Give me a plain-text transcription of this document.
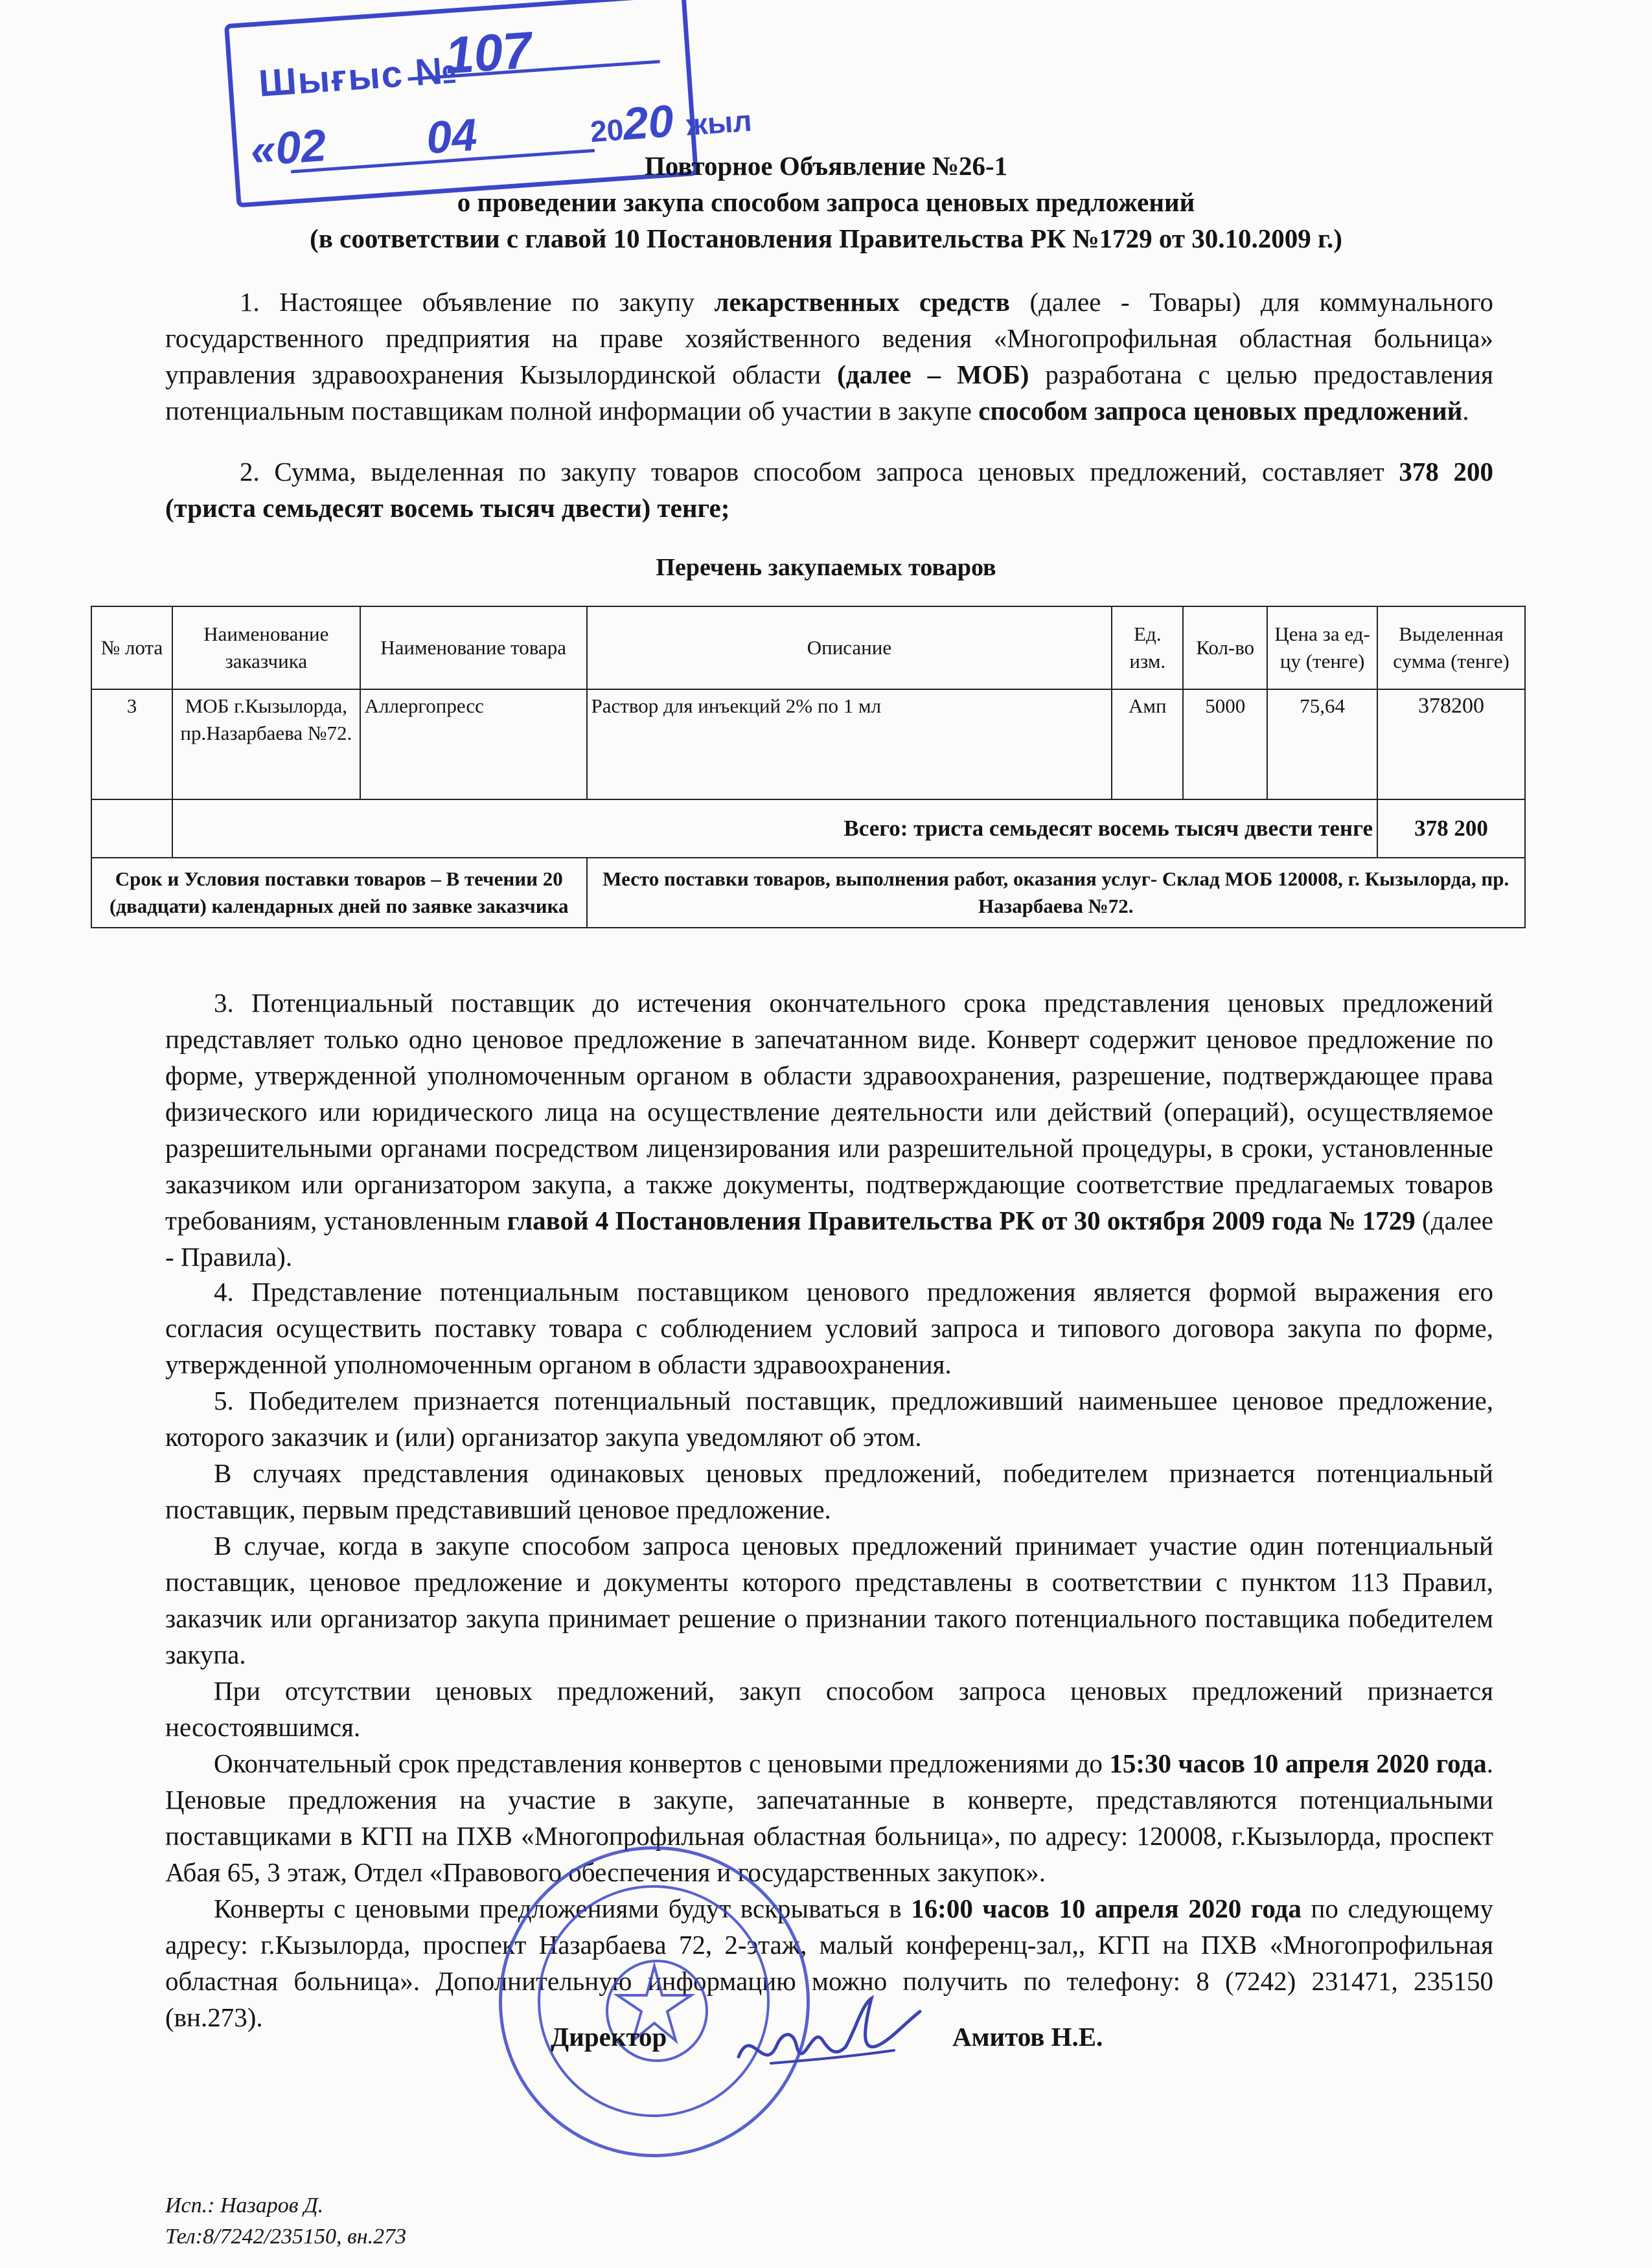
Шығыс №
107
«02 04	2020 жыл
Повторное Объявление №26-1
о проведении закупа способом запроса ценовых предложений
(в соответствии с главой 10 Постановления Правительства РК №1729 от 30.10.2009 г.)

1. Настоящее объявление по закупу лекарственных средств (далее - Товары) для коммунального государственного предприятия на праве хозяйственного ведения «Многопрофильная областная больница» управления здравоохранения Кызылординской области (далее – МОБ) разработана с целью предоставления потенциальным поставщикам полной информации об участии в закупе способом запроса ценовых предложений.

2. Сумма, выделенная по закупу товаров способом запроса ценовых предложений, составляет 378 200 (триста семьдесят восемь тысяч двести) тенге;

Перечень закупаемых товаров
№ лота	Наименование заказчика	Наименование товара	Описание	Ед. изм.	Кол-во	Цена за ед-цу (тенге)	Выделенная сумма (тенге)
3	МОБ г.Кызылорда, пр.Назарбаева №72.	Аллергопресс	Раствор для инъекций 2% по 1 мл	Амп	5000	75,64	378200
	Всего: триста семьдесят восемь тысяч двести тенге						378 200
Срок и Условия поставки товаров – В течении 20 (двадцати) календарных дней по заявке заказчика			Место поставки товаров, выполнения работ, оказания услуг- Склад МОБ 120008, г. Кызылорда, пр. Назарбаева №72.				

3. Потенциальный поставщик до истечения окончательного срока представления ценовых предложений представляет только одно ценовое предложение в запечатанном виде. Конверт содержит ценовое предложение по форме, утвержденной уполномоченным органом в области здравоохранения, разрешение, подтверждающее права физического или юридического лица на осуществление деятельности или действий (операций), осуществляемое разрешительными органами посредством лицензирования или разрешительной процедуры, в сроки, установленные заказчиком или организатором закупа, а также документы, подтверждающие соответствие предлагаемых товаров требованиям, установленным главой 4 Постановления Правительства РК от 30 октября 2009 года № 1729 (далее - Правила).

4. Представление потенциальным поставщиком ценового предложения является формой выражения его согласия осуществить поставку товара с соблюдением условий запроса и типового договора закупа по форме, утвержденной уполномоченным органом в области здравоохранения.

5. Победителем признается потенциальный поставщик, предложивший наименьшее ценовое предложение, которого заказчик и (или) организатор закупа уведомляют об этом.

В случаях представления одинаковых ценовых предложений, победителем признается потенциальный поставщик, первым представивший ценовое предложение.

В случае, когда в закупе способом запроса ценовых предложений принимает участие один потенциальный поставщик, ценовое предложение и документы которого представлены в соответствии с пунктом 113 Правил, заказчик или организатор закупа принимает решение о признании такого потенциального поставщика победителем закупа.

При отсутствии ценовых предложений, закуп способом запроса ценовых предложений признается несостоявшимся.

Окончательный срок представления конвертов с ценовыми предложениями до 15:30 часов 10 апреля 2020 года. Ценовые предложения на участие в закупе, запечатанные в конверте, представляются потенциальными поставщиками в КГП на ПХВ «Многопрофильная областная больница», по адресу: 120008, г.Кызылорда, проспект Абая 65, 3 этаж, Отдел «Правового обеспечения и государственных закупок».

Конверты с ценовыми предложениями будут вскрываться в 16:00 часов 10 апреля 2020 года по следующему адресу: г.Кызылорда, проспект Назарбаева 72, 2-этаж, малый конференц-зал,, КГП на ПХВ «Многопрофильная областная больница». Дополнительную информацию можно получить по телефону: 8 (7242) 231471, 235150 (вн.273).

Директор	Амитов Н.Е.
Исп.: Назаров Д.
Тел:8/7242/235150, вн.273
